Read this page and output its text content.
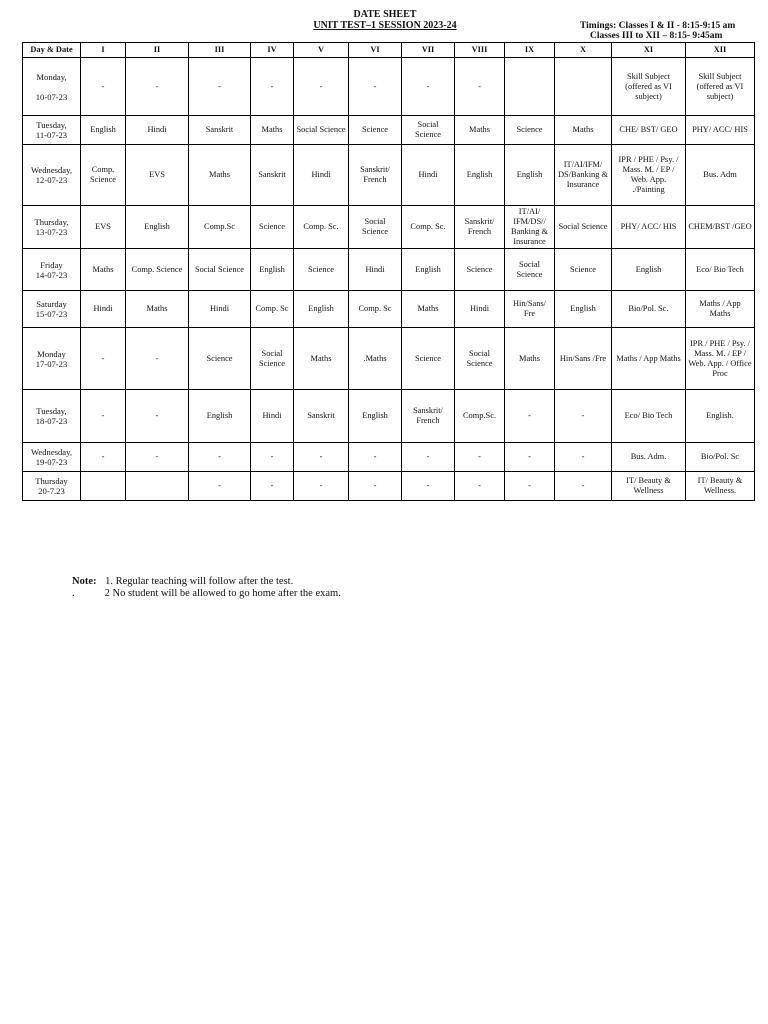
DATE SHEET
UNIT TEST–1 SESSION 2023-24	Timings: Classes I & II - 8:15-9:15 am
Classes III to XII – 8:15- 9:45am
Day & Date	I	II	III	IV	V	VI	VII	VIII	IX	X	XI	XII
Monday,

10-07-23	-	-	-	-	-	-	-	-			Skill Subject (offered as VI subject)	Skill Subject (offered as VI subject)
Tuesday,
11-07-23	English	Hindi	Sanskrit	Maths	Social Science	Science	Social Science	Maths	Science	Maths	CHE/ BST/ GEO	PHY/ ACC/ HIS
Wednesday,
12-07-23	Comp. Science	EVS	Maths	Sanskrit	Hindi	Sanskrit/ French	Hindi	English	English	IT/AI/IFM/ DS/Banking & Insurance	IPR / PHE / Psy. / Mass. M. / EP / Web. App. ./Painting	Bus. Adm
Thursday,
13-07-23	EVS	English	Comp.Sc	Science	Comp. Sc.	Social Science	Comp. Sc.	Sanskrit/ French	IT/AI/ IFM/DS// Banking & Insurance	Social Science	PHY/ ACC/ HIS	CHEM/BST /GEO
Friday
14-07-23	Maths	Comp. Science	Social Science	English	Science	Hindi	English	Science	Social Science	Science	English	Eco/ Bio Tech
Saturday
15-07-23	Hindi	Maths	Hindi	Comp. Sc	English	Comp. Sc	Maths	Hindi	Hin/Sans/ Fre	English	Bio/Pol. Sc.	Maths / App Maths
Monday
17-07-23	-	-	Science	Social Science	Maths	.Maths	Science	Social Science	Maths	Hin/Sans /Fre	Maths / App Maths	IPR / PHE / Psy. / Mass. M. / EP / Web. App. / Office Proc
Tuesday,
18-07-23	-	-	English	Hindi	Sanskrit	English	Sanskrit/ French	Comp.Sc.	-	-	Eco/ Bio Tech	English.
Wednesday,
19-07-23	-	-	-	-	-	-	-	-	-	-	Bus. Adm.	Bio/Pol. Sc
Thursday
20-7.23			-	-	-	-	-	-	-	-	IT/ Beauty & Wellness	IT/ Beauty & Wellness.
Note: 1. Regular teaching will follow after the test.
.	2 No student will be allowed to go home after the exam.
